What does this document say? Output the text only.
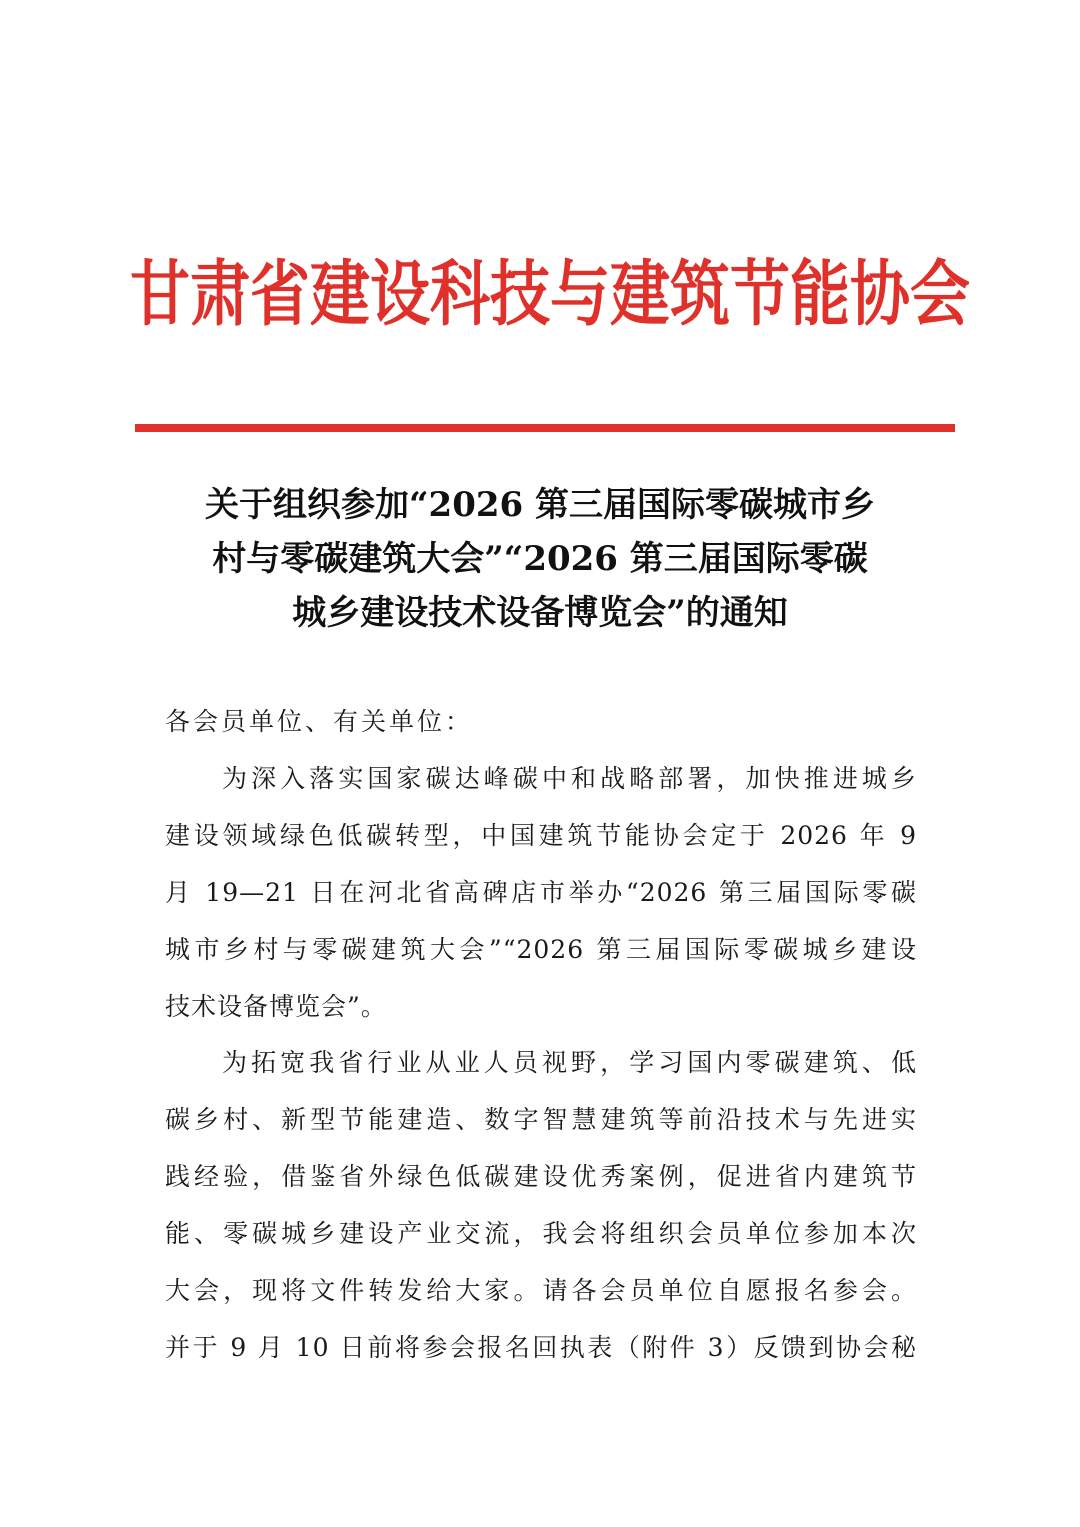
甘肃省建设科技与建筑节能协会
关于组织参加“2026 第三届国际零碳城市乡
村与零碳建筑大会”“2026 第三届国际零碳
城乡建设技术设备博览会”的通知
各会员单位、有关单位：
为深入落实国家碳达峰碳中和战略部署，加快推进城乡
建设领域绿色低碳转型，中国建筑节能协会定于 2026 年 9
月 19—21 日在河北省高碑店市举办“2026 第三届国际零碳
城市乡村与零碳建筑大会”“2026 第三届国际零碳城乡建设
技术设备博览会”。
为拓宽我省行业从业人员视野，学习国内零碳建筑、低
碳乡村、新型节能建造、数字智慧建筑等前沿技术与先进实
践经验，借鉴省外绿色低碳建设优秀案例，促进省内建筑节
能、零碳城乡建设产业交流，我会将组织会员单位参加本次
大会，现将文件转发给大家。请各会员单位自愿报名参会。
并于 9 月 10 日前将参会报名回执表（附件 3）反馈到协会秘
